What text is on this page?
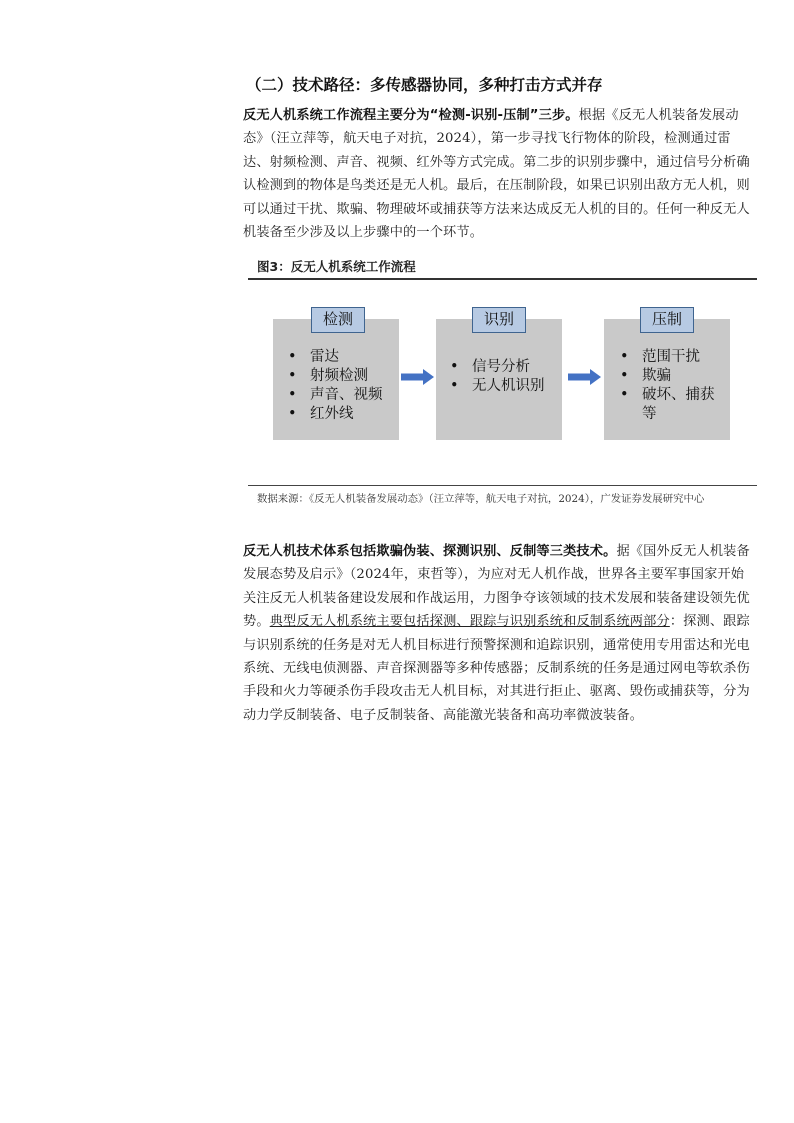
（二）技术路径：多传感器协同，多种打击方式并存
反无人机系统工作流程主要分为“检测-识别-压制”三步。根据《反无人机装备发展动态》（汪立萍等，航天电子对抗，2024），第一步寻找飞行物体的阶段，检测通过雷达、射频检测、声音、视频、红外等方式完成。第二步的识别步骤中，通过信号分析确认检测到的物体是鸟类还是无人机。最后，在压制阶段，如果已识别出敌方无人机，则可以通过干扰、欺骗、物理破坏或捕获等方法来达成反无人机的目的。任何一种反无人机装备至少涉及以上步骤中的一个环节。
图3：反无人机系统工作流程
检测	识别	压制
• 雷达
• 射频检测
• 声音、视频
• 红外线
• 信号分析
• 无人机识别
• 范围干扰
• 欺骗
• 破坏、捕获等
数据来源：《反无人机装备发展动态》（汪立萍等，航天电子对抗，2024），广发证券发展研究中心
反无人机技术体系包括欺骗伪装、探测识别、反制等三类技术。据《国外反无人机装备发展态势及启示》（2024年，束哲等），为应对无人机作战，世界各主要军事国家开始关注反无人机装备建设发展和作战运用，力图争夺该领域的技术发展和装备建设领先优势。典型反无人机系统主要包括探测、跟踪与识别系统和反制系统两部分：探测、跟踪与识别系统的任务是对无人机目标进行预警探测和追踪识别，通常使用专用雷达和光电系统、无线电侦测器、声音探测器等多种传感器；反制系统的任务是通过网电等软杀伤手段和火力等硬杀伤手段攻击无人机目标，对其进行拒止、驱离、毁伤或捕获等，分为动力学反制装备、电子反制装备、高能激光装备和高功率微波装备。
